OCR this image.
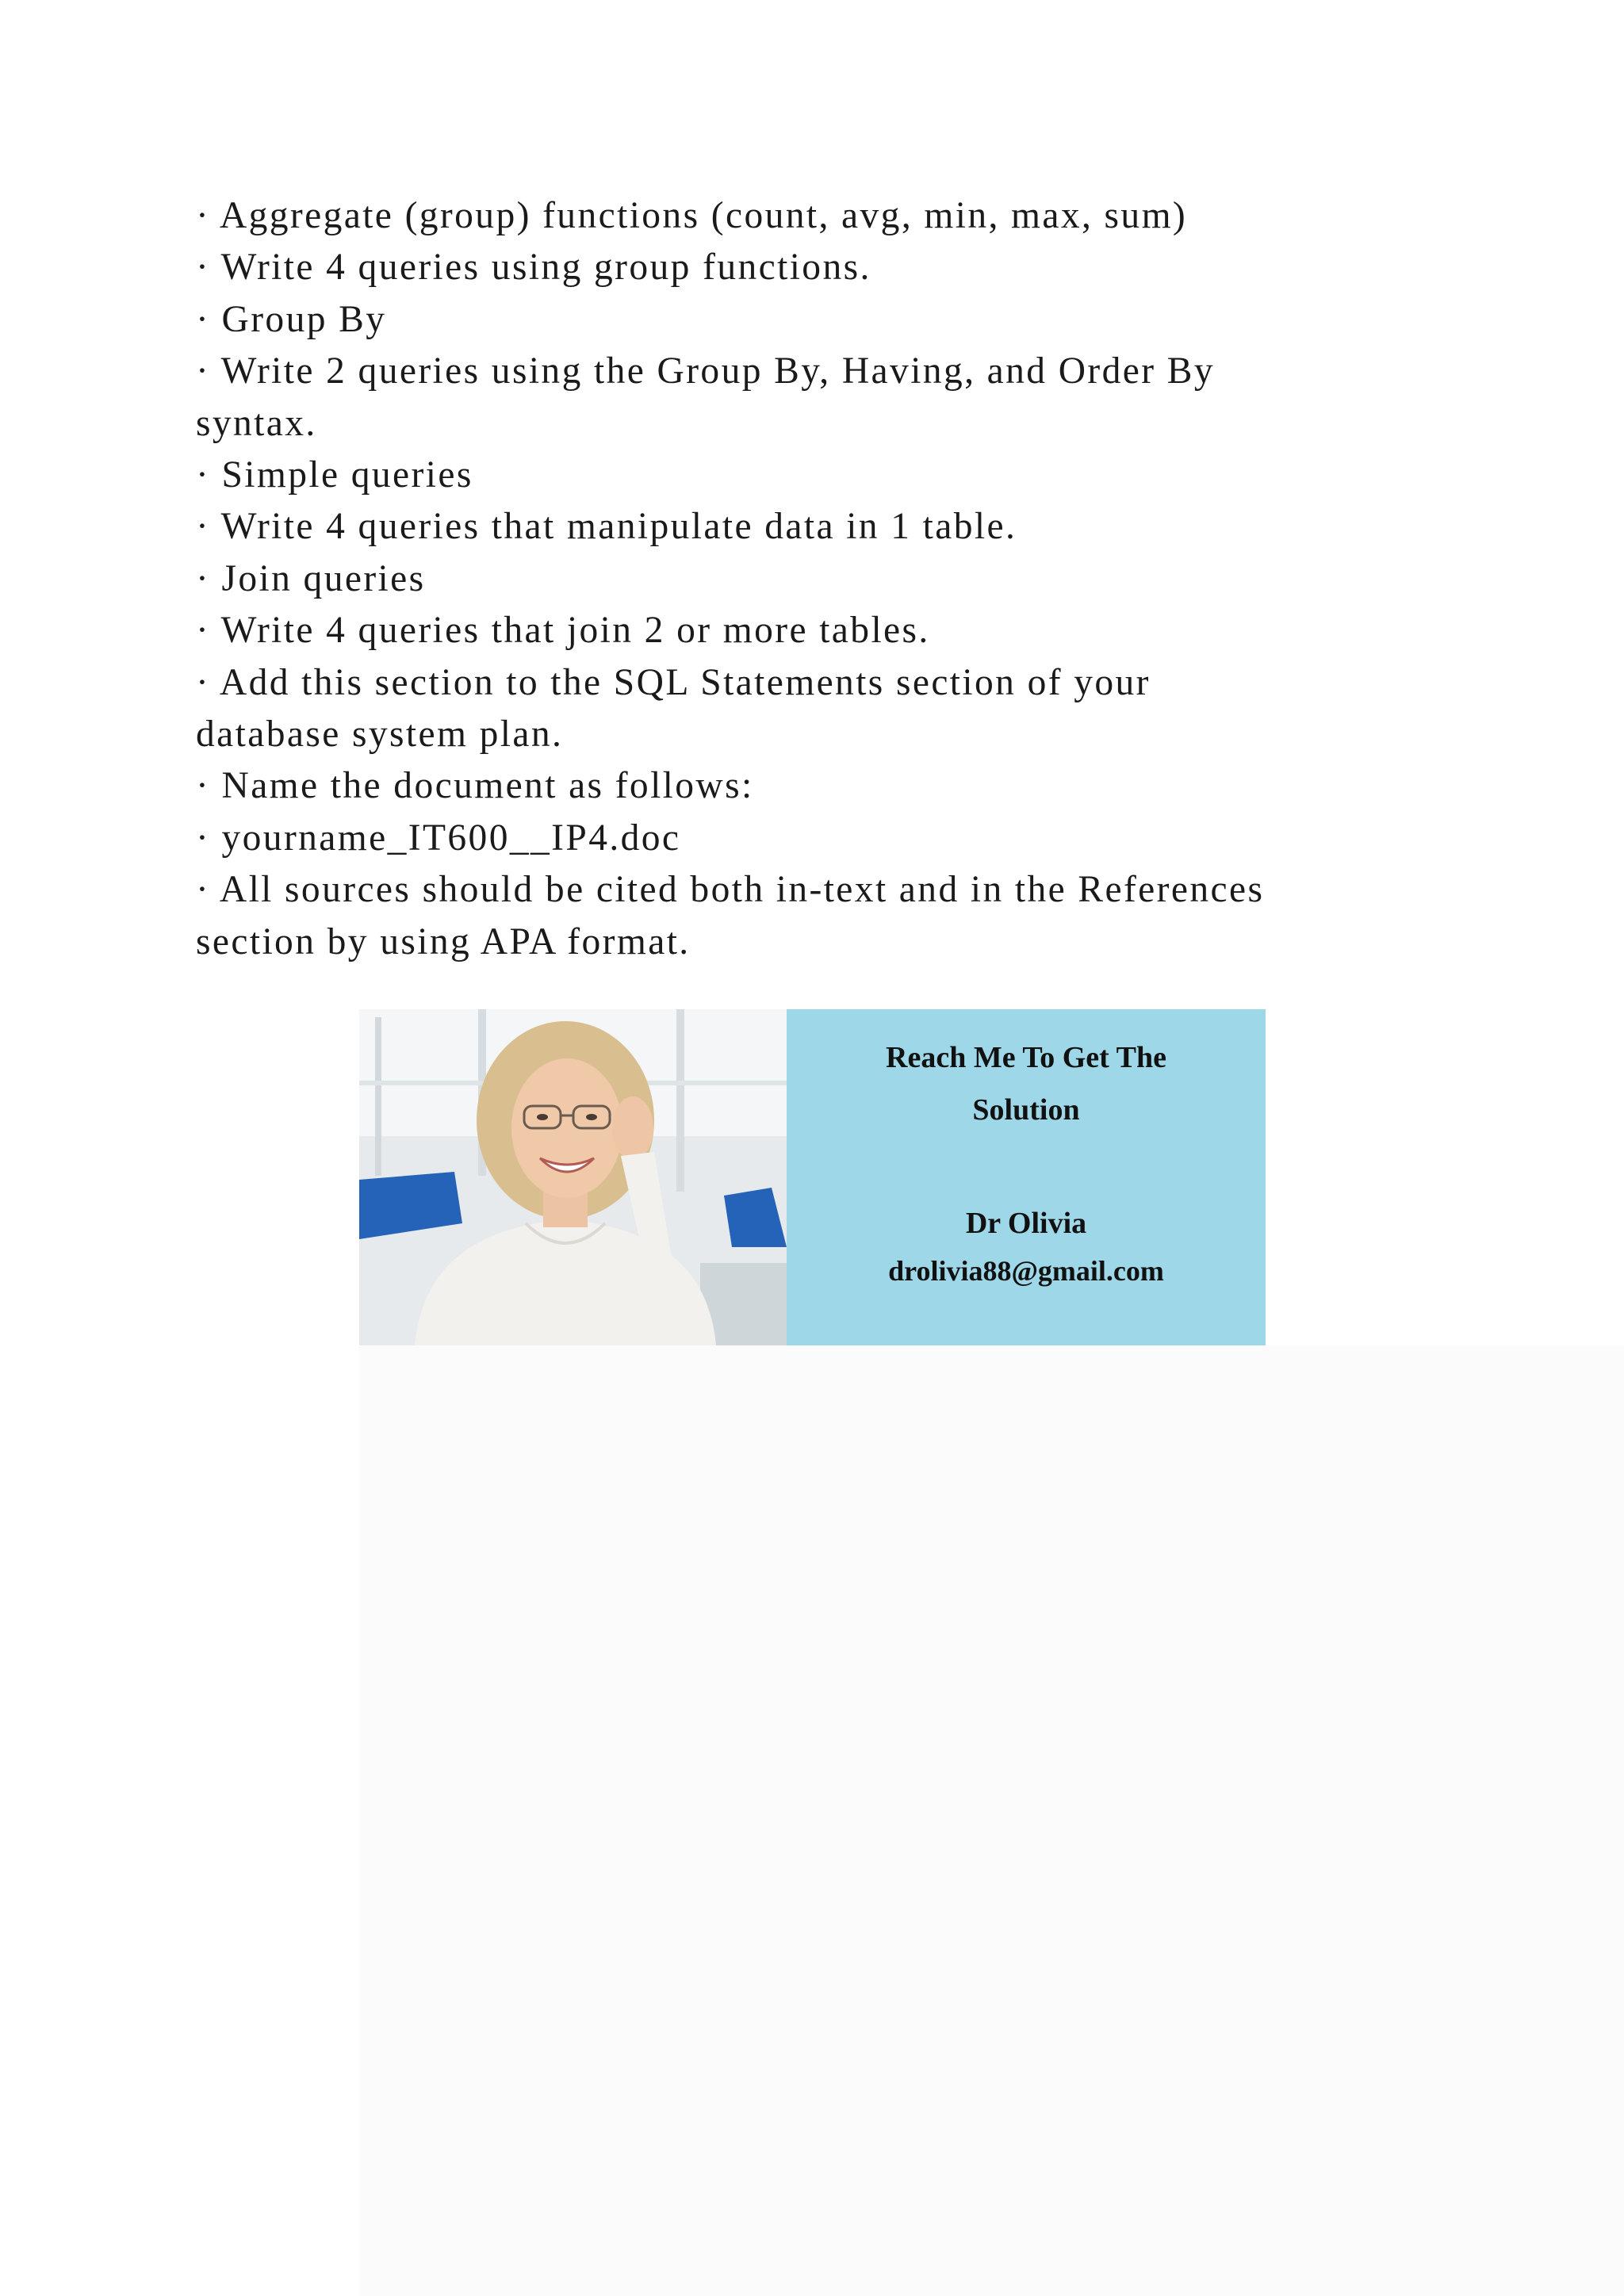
· Aggregate (group) functions (count, avg, min, max, sum)
· Write 4 queries using group functions.
· Group By
· Write 2 queries using the Group By, Having, and Order By
syntax.
· Simple queries
· Write 4 queries that manipulate data in 1 table.
· Join queries
· Write 4 queries that join 2 or more tables.
· Add this section to the SQL Statements section of your
database system plan.
· Name the document as follows:
· yourname_IT600__IP4.doc
· All sources should be cited both in-text and in the References
section by using APA format.
Reach Me To Get The
Solution
Dr Olivia
drolivia88@gmail.com
